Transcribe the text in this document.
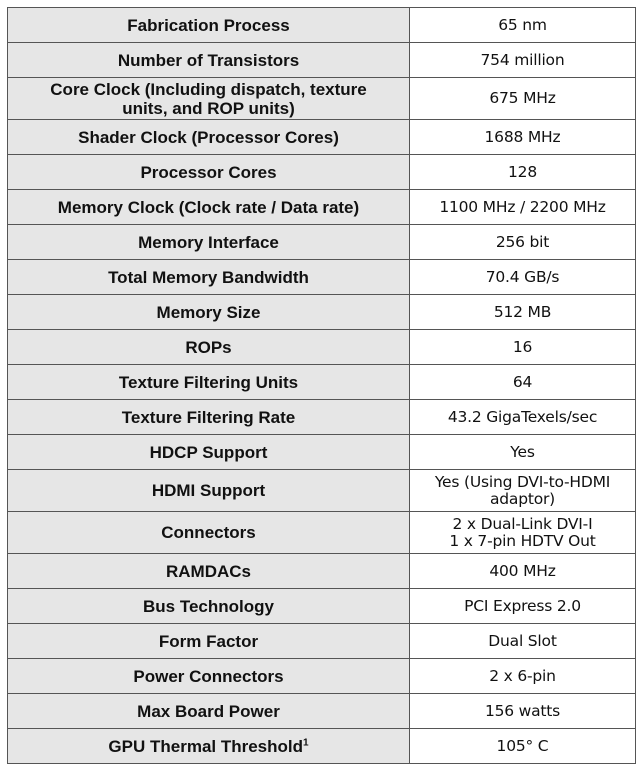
Fabrication Process	65 nm
Number of Transistors	754 million

Core Clock (Including dispatch, texture
units, and ROP units)	675 MHz
Shader Clock (Processor Cores)	1688 MHz
Processor Cores	128
Memory Clock (Clock rate / Data rate)	1100 MHz / 2200 MHz
Memory Interface	256 bit
Total Memory Bandwidth	70.4 GB/s
Memory Size	512 MB
ROPs	16
Texture Filtering Units	64
Texture Filtering Rate	43.2 GigaTexels/sec
HDCP Support	Yes
HDMI Support	Yes (Using DVI-to-HDMI
adaptor)

Connectors	2 x Dual-Link DVI-I
1 x 7-pin HDTV Out

RAMDACs	400 MHz
Bus Technology	PCI Express 2.0
Form Factor	Dual Slot
Power Connectors	2 x 6-pin
Max Board Power	156 watts
GPU Thermal Threshold$^1$	105° C
